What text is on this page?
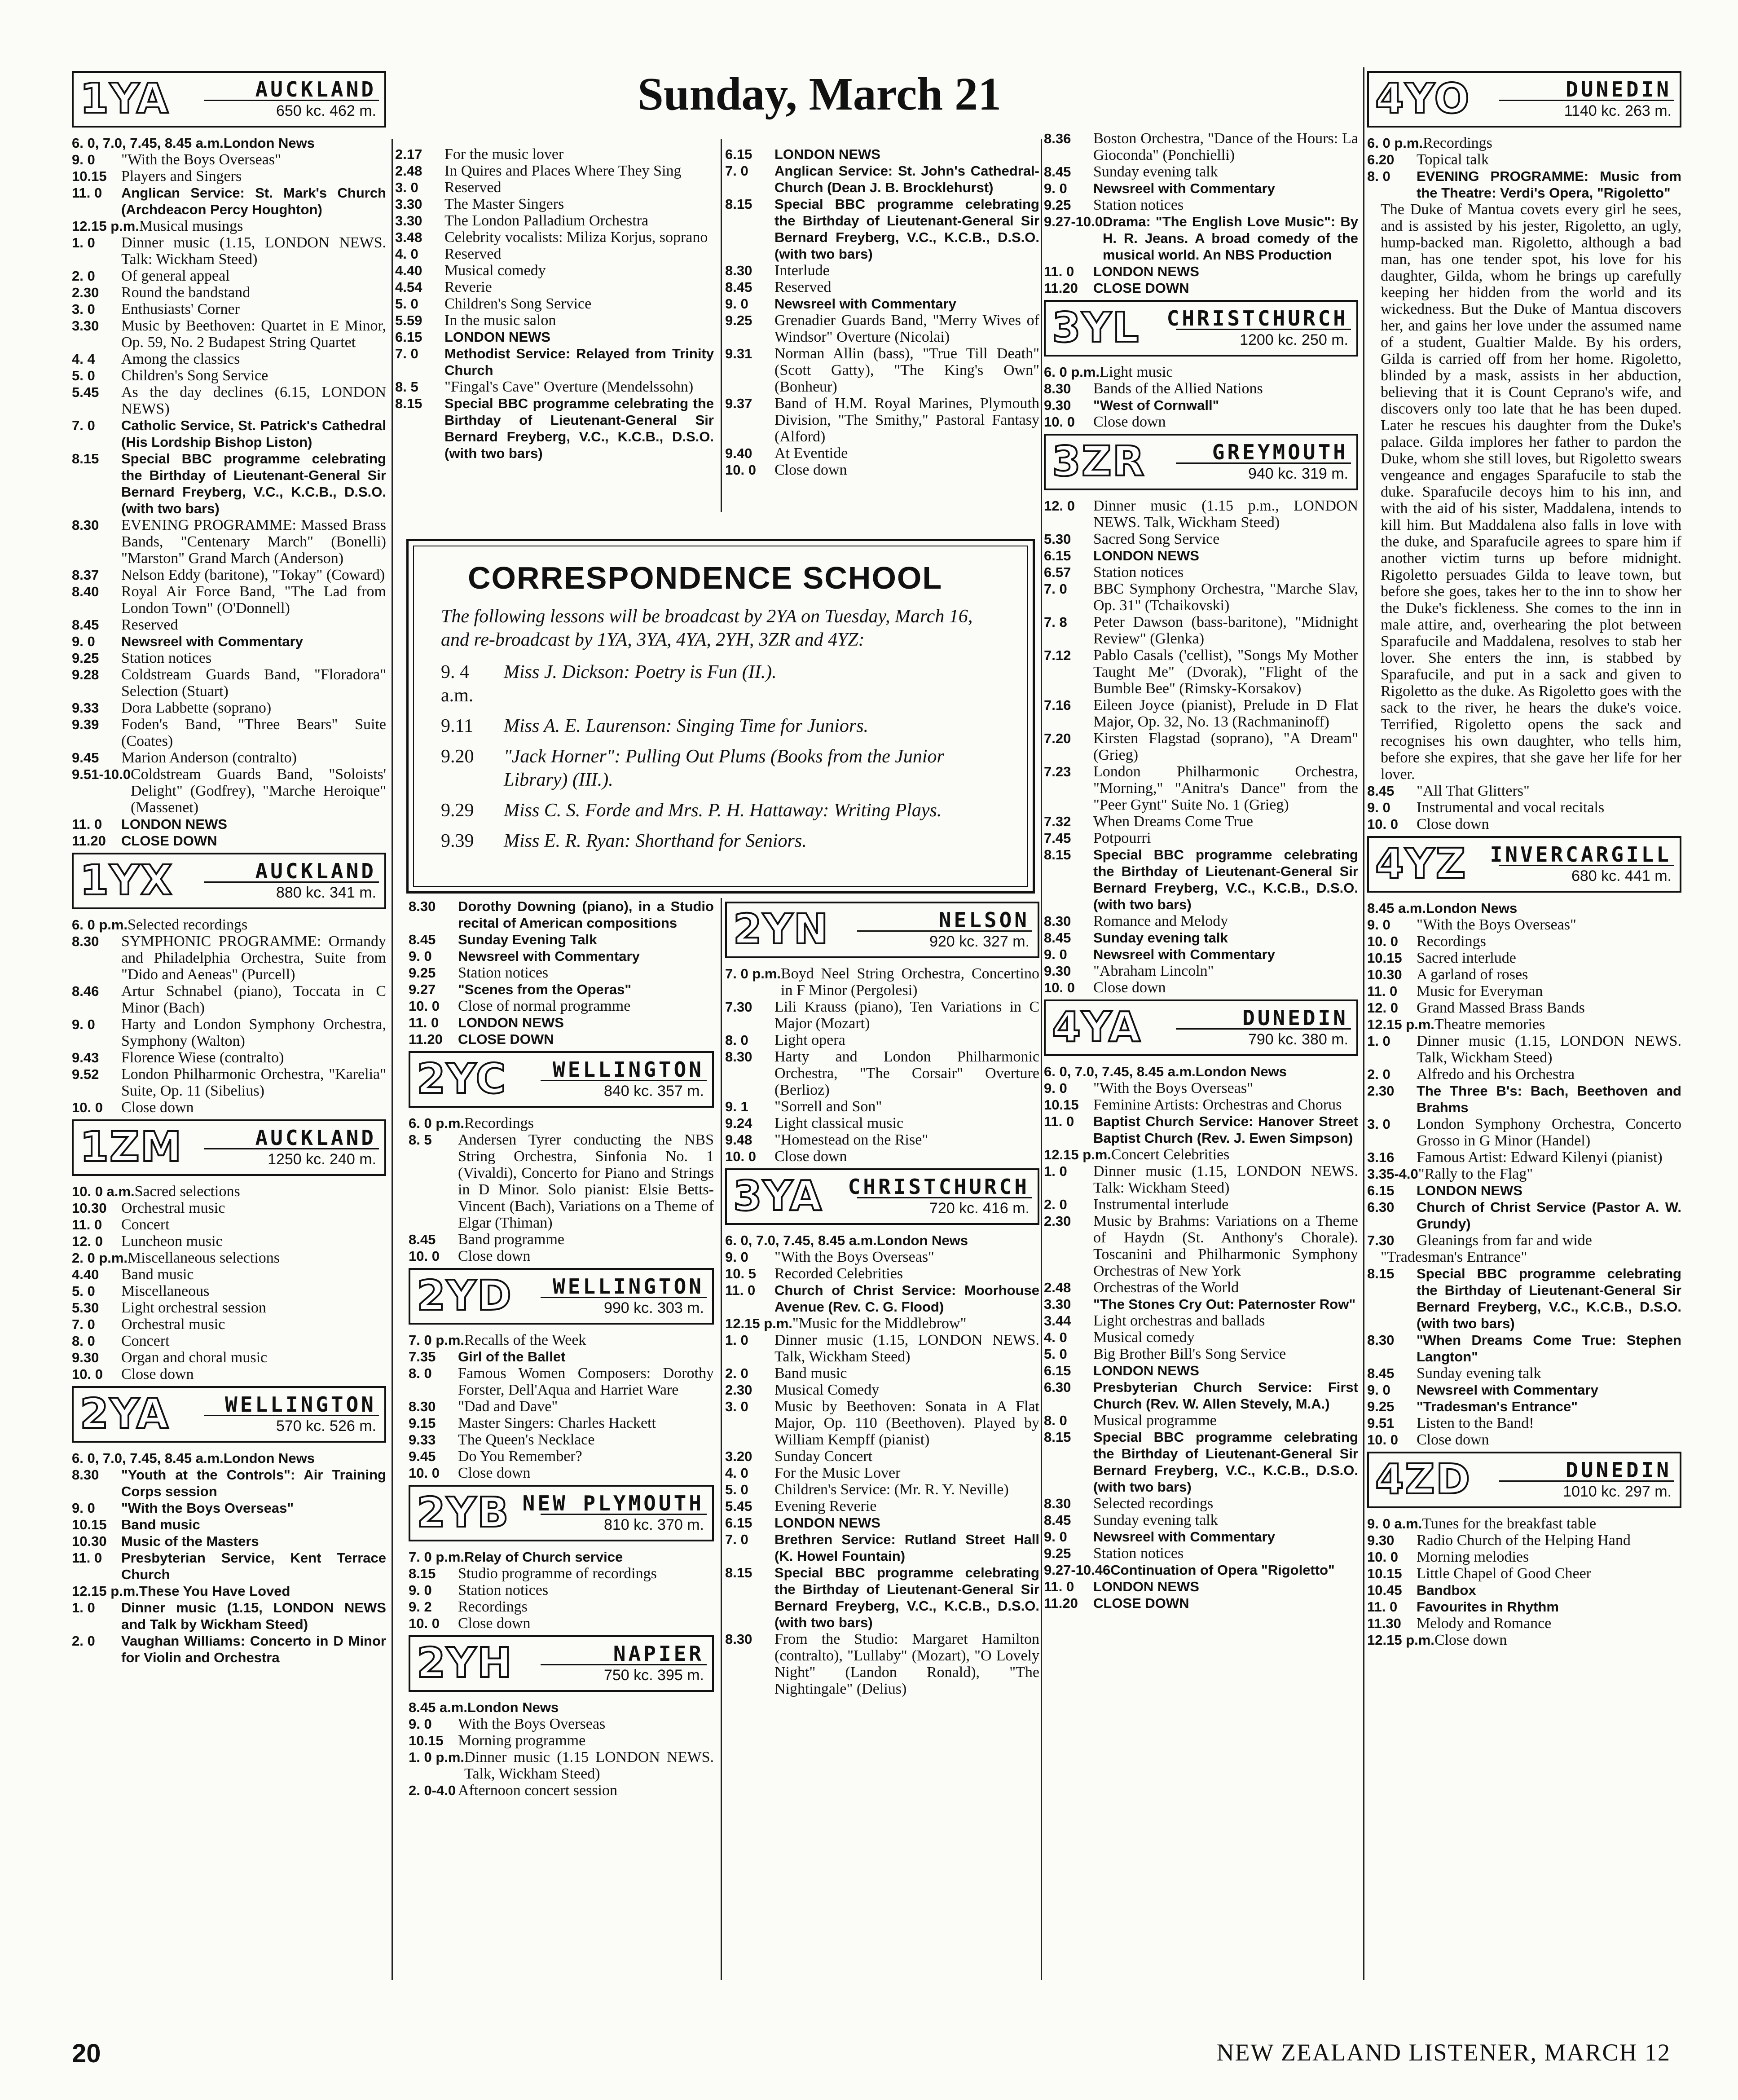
Sunday, March 21
1YA	AUCKLAND
650 kc. 462 m.
6. 0, 7.0, 7.45, 8.45 a.m. London News
9. 0	"With the Boys Overseas"
10.15 Players and Singers
11. 0	Anglican Service: St. Mark's Church (Archdeacon Percy Houghton)
12.15 p.m. Musical musings
1. 0	Dinner music (1.15, LONDON NEWS. Talk: Wickham Steed)
2. 0	Of general appeal
2.30	Round the bandstand
3. 0	Enthusiasts' Corner
3.30	Music by Beethoven: Quartet in E Minor, Op. 59, No. 2 Budapest String Quartet
4. 4	Among the classics
5. 0	Children's Song Service
5.45	As the day declines (6.15, LONDON NEWS)
7. 0	Catholic Service, St. Patrick's Cathedral (His Lordship Bishop Liston)
8.15	Special BBC programme celebrating the Birthday of Lieutenant-General Sir Bernard Freyberg, V.C., K.C.B., D.S.O. (with two bars)
8.30	EVENING PROGRAMME: Massed Brass Bands, "Centenary March" (Bonelli) "Marston" Grand March (Anderson)
8.37	Nelson Eddy (baritone), "Tokay" (Coward)
8.40	Royal Air Force Band, "The Lad from London Town" (O'Donnell)
8.45	Reserved
9. 0	Newsreel with Commentary
9.25	Station notices
9.28	Coldstream Guards Band, "Floradora" Selection (Stuart)
9.33	Dora Labbette (soprano)
9.39	Foden's Band, "Three Bears" Suite (Coates)
9.45	Marion Anderson (contralto)
9.51-10.0 Coldstream Guards Band, "Soloists' Delight" (Godfrey), "Marche Heroique" (Massenet)
11. 0	LONDON NEWS
11.20	CLOSE DOWN
1YX	AUCKLAND
880 kc. 341 m.
6. 0 p.m. Selected recordings
8.30	SYMPHONIC PROGRAMME: Ormandy and Philadelphia Orchestra, Suite from "Dido and Aeneas" (Purcell)
8.46	Artur Schnabel (piano), Toccata in C Minor (Bach)
9. 0	Harty and London Symphony Orchestra, Symphony (Walton)
9.43	Florence Wiese (contralto)
9.52	London Philharmonic Orchestra, "Karelia" Suite, Op. 11 (Sibelius)
10. 0	Close down
1ZM	AUCKLAND
1250 kc. 240 m.
10. 0 a.m. Sacred selections
10.30 Orchestral music
11. 0	Concert
12. 0	Luncheon music
2. 0 p.m. Miscellaneous selections
4.40	Band music
5. 0	Miscellaneous
5.30	Light orchestral session
7. 0	Orchestral music
8. 0	Concert
9.30	Organ and choral music
10. 0	Close down
2YA	WELLINGTON
570 kc. 526 m.
6. 0, 7.0, 7.45, 8.45 a.m. London News
8.30	"Youth at the Controls": Air Training Corps session
9. 0	"With the Boys Overseas"
10.15	Band music
10.30	Music of the Masters
11. 0	Presbyterian Service, Kent Terrace Church
12.15 p.m. These You Have Loved
1. 0	Dinner music (1.15, LONDON NEWS and Talk by Wickham Steed)
2. 0	Vaughan Williams: Concerto in D Minor for Violin and Orchestra
2.17	For the music lover
2.48	In Quires and Places Where They Sing
3. 0	Reserved
3.30	The Master Singers
3.30	The London Palladium Orchestra
3.48	Celebrity vocalists: Miliza Korjus, soprano
4. 0	Reserved
4.40	Musical comedy
4.54	Reverie
5. 0	Children's Song Service
5.59	In the music salon
6.15	LONDON NEWS
7. 0	Methodist Service: Relayed from Trinity Church
8. 5	"Fingal's Cave" Overture (Mendelssohn)
8.15	Special BBC programme celebrating the Birthday of Lieutenant-General Sir Bernard Freyberg, V.C., K.C.B., D.S.O. (with two bars)
6.15	LONDON NEWS
7. 0	Anglican Service: St. John's Cathedral-Church (Dean J. B. Brocklehurst)
8.15	Special BBC programme celebrating the Birthday of Lieutenant-General Sir Bernard Freyberg, V.C., K.C.B., D.S.O. (with two bars)
8.30	Interlude
8.45	Reserved
9. 0	Newsreel with Commentary
9.25	Grenadier Guards Band, "Merry Wives of Windsor" Overture (Nicolai)
9.31	Norman Allin (bass), "True Till Death" (Scott Gatty), "The King's Own" (Bonheur)
9.37	Band of H.M. Royal Marines, Plymouth Division, "The Smithy," Pastoral Fantasy (Alford)
9.40	At Eventide
10. 0	Close down
CORRESPONDENCE SCHOOL
The following lessons will be broadcast by 2YA on Tuesday, March 16, and re-broadcast by 1YA, 3YA, 4YA, 2YH, 3ZR and 4YZ:
9. 4 a.m.
Miss J. Dickson: Poetry is Fun (II.).
9.11	Miss A. E. Laurenson: Singing Time for Juniors.
9.20	"Jack Horner": Pulling Out Plums (Books from the Junior Library) (III.).
9.29	Miss C. S. Forde and Mrs. P. H. Hattaway: Writing Plays.
9.39	Miss E. R. Ryan: Shorthand for Seniors.
8.30	Dorothy Downing (piano), in a Studio recital of American compositions
8.45	Sunday Evening Talk
9. 0	Newsreel with Commentary
9.25	Station notices
9.27	"Scenes from the Operas"
10. 0	Close of normal programme
11. 0	LONDON NEWS
11.20	CLOSE DOWN
2YC WELLINGTON
840 kc. 357 m.
6. 0 p.m. Recordings
8. 5	Andersen Tyrer conducting the NBS String Orchestra, Sinfonia No. 1 (Vivaldi), Concerto for Piano and Strings in D Minor. Solo pianist: Elsie Betts-Vincent (Bach), Variations on a Theme of Elgar (Thiman)
8.45	Band programme
10. 0	Close down
2YD WELLINGTON
990 kc. 303 m.
7. 0 p.m. Recalls of the Week
7.35	Girl of the Ballet
8. 0	Famous Women Composers: Dorothy Forster, Dell'Aqua and Harriet Ware
8.30	"Dad and Dave"
9.15	Master Singers: Charles Hackett
9.33	The Queen's Necklace
9.45	Do You Remember?
10. 0	Close down
2YB NEW PLYMOUTH
810 kc. 370 m.
7. 0 p.m. Relay of Church service
8.15	Studio programme of recordings
9. 0	Station notices
9. 2	Recordings
10. 0	Close down
2YH	NAPIER
750 kc. 395 m.
8.45 a.m. London News
9. 0	With the Boys Overseas
10.15 Morning programme
1. 0 p.m. Dinner music (1.15 LONDON NEWS. Talk, Wickham Steed)
2. 0-4.0 Afternoon concert session
2YN	NELSON
920 kc. 327 m.
7. 0 p.m. Boyd Neel String Orchestra, Concertino in F Minor (Pergolesi)
7.30	Lili Krauss (piano), Ten Variations in C Major (Mozart)
8. 0	Light opera
8.30	Harty and London Philharmonic Orchestra, "The Corsair" Overture (Berlioz)
9. 1	"Sorrell and Son"
9.24	Light classical music
9.48	"Homestead on the Rise"
10. 0	Close down
3YA CHRISTCHURCH
720 kc. 416 m.
6. 0, 7.0, 7.45, 8.45 a.m. London News
9. 0	"With the Boys Overseas"
10. 5	Recorded Celebrities
11. 0	Church of Christ Service: Moorhouse Avenue (Rev. C. G. Flood)
12.15 p.m. "Music for the Middlebrow"
1. 0	Dinner music (1.15, LONDON NEWS. Talk, Wickham Steed)
2. 0	Band music
2.30	Musical Comedy
3. 0	Music by Beethoven: Sonata in A Flat Major, Op. 110 (Beethoven). Played by William Kempff (pianist)
3.20	Sunday Concert
4. 0	For the Music Lover
5. 0	Children's Service: (Mr. R. Y. Neville)
5.45	Evening Reverie
6.15	LONDON NEWS
7. 0	Brethren Service: Rutland Street Hall (K. Howel Fountain)
8.15	Special BBC programme celebrating the Birthday of Lieutenant-General Sir Bernard Freyberg, V.C., K.C.B., D.S.O. (with two bars)
8.30	From the Studio: Margaret Hamilton (contralto), "Lullaby" (Mozart), "O Lovely Night" (Landon Ronald), "The Nightingale" (Delius)
8.36	Boston Orchestra, "Dance of the Hours: La Gioconda" (Ponchielli)
8.45	Sunday evening talk
9. 0	Newsreel with Commentary
9.25	Station notices
9.27-10.0 Drama: "The English Love Music": By H. R. Jeans. A broad comedy of the musical world. An NBS Production
11. 0	LONDON NEWS
11.20	CLOSE DOWN
3YL CHRISTCHURCH
1200 kc. 250 m.
6. 0 p.m. Light music
8.30	Bands of the Allied Nations
9.30	"West of Cornwall"
10. 0	Close down
3ZR	GREYMOUTH
940 kc. 319 m.
12. 0	Dinner music (1.15 p.m., LONDON NEWS. Talk, Wickham Steed)
5.30	Sacred Song Service
6.15	LONDON NEWS
6.57	Station notices
7. 0	BBC Symphony Orchestra, "Marche Slav, Op. 31" (Tchaikovski)
7. 8	Peter Dawson (bass-baritone), "Midnight Review" (Glenka)
7.12	Pablo Casals ('cellist), "Songs My Mother Taught Me" (Dvorak), "Flight of the Bumble Bee" (Rimsky-Korsakov)
7.16	Eileen Joyce (pianist), Prelude in D Flat Major, Op. 32, No. 13 (Rachmaninoff)
7.20	Kirsten Flagstad (soprano), "A Dream" (Grieg)
7.23	London Philharmonic Orchestra, "Morning," "Anitra's Dance" from the "Peer Gynt" Suite No. 1 (Grieg)
7.32	When Dreams Come True
7.45	Potpourri
8.15	Special BBC programme celebrating the Birthday of Lieutenant-General Sir Bernard Freyberg, V.C., K.C.B., D.S.O. (with two bars)
8.30	Romance and Melody
8.45	Sunday evening talk
9. 0	Newsreel with Commentary
9.30	"Abraham Lincoln"
10. 0	Close down
4YA	DUNEDIN
790 kc. 380 m.
6. 0, 7.0, 7.45, 8.45 a.m. London News
9. 0	"With the Boys Overseas"
10.15 Feminine Artists: Orchestras and Chorus
11. 0	Baptist Church Service: Hanover Street Baptist Church (Rev. J. Ewen Simpson)
12.15 p.m. Concert Celebrities
1. 0	Dinner music (1.15, LONDON NEWS. Talk: Wickham Steed)
2. 0	Instrumental interlude
2.30	Music by Brahms: Variations on a Theme of Haydn (St. Anthony's Chorale). Toscanini and Philharmonic Symphony Orchestras of New York
2.48	Orchestras of the World
3.30	"The Stones Cry Out: Paternoster Row"
3.44	Light orchestras and ballads
4. 0	Musical comedy
5. 0	Big Brother Bill's Song Service
6.15	LONDON NEWS
6.30	Presbyterian Church Service: First Church (Rev. W. Allen Stevely, M.A.)
8. 0	Musical programme
8.15	Special BBC programme celebrating the Birthday of Lieutenant-General Sir Bernard Freyberg, V.C., K.C.B., D.S.O. (with two bars)
8.30	Selected recordings
8.45	Sunday evening talk
9. 0	Newsreel with Commentary
9.25	Station notices
9.27-10.46 Continuation of Opera "Rigoletto"
11. 0	LONDON NEWS
11.20	CLOSE DOWN
4YO	DUNEDIN
1140 kc. 263 m.
6. 0 p.m. Recordings
6.20	Topical talk
8. 0	EVENING PROGRAMME: Music from the Theatre: Verdi's Opera, "Rigoletto"
The Duke of Mantua covets every girl he sees, and is assisted by his jester, Rigoletto, an ugly, hump-backed man. Rigoletto, although a bad man, has one tender spot, his love for his daughter, Gilda, whom he brings up carefully keeping her hidden from the world and its wickedness. But the Duke of Mantua discovers her, and gains her love under the assumed name of a student, Gualtier Malde. By his orders, Gilda is carried off from her home. Rigoletto, blinded by a mask, assists in her abduction, believing that it is Count Ceprano's wife, and discovers only too late that he has been duped. Later he rescues his daughter from the Duke's palace. Gilda implores her father to pardon the Duke, whom she still loves, but Rigoletto swears vengeance and engages Sparafucile to stab the duke. Sparafucile decoys him to his inn, and with the aid of his sister, Maddalena, intends to kill him. But Maddalena also falls in love with the duke, and Sparafucile agrees to spare him if another victim turns up before midnight. Rigoletto persuades Gilda to leave town, but before she goes, takes her to the inn to show her the Duke's fickleness. She comes to the inn in male attire, and, overhearing the plot between Sparafucile and Maddalena, resolves to stab her lover. She enters the inn, is stabbed by Sparafucile, and put in a sack and given to Rigoletto as the duke. As Rigoletto goes with the sack to the river, he hears the duke's voice. Terrified, Rigoletto opens the sack and recognises his own daughter, who tells him, before she expires, that she gave her life for her lover.
8.45	"All That Glitters"
9. 0	Instrumental and vocal recitals
10. 0	Close down
4YZ INVERCARGILL
680 kc. 441 m.
8.45 a.m. London News
9. 0	"With the Boys Overseas"
10. 0	Recordings
10.15 Sacred interlude
10.30 A garland of roses
11. 0	Music for Everyman
12. 0	Grand Massed Brass Bands
12.15 p.m. Theatre memories
1. 0	Dinner music (1.15, LONDON NEWS. Talk, Wickham Steed)
2. 0	Alfredo and his Orchestra
2.30	The Three B's: Bach, Beethoven and Brahms
3. 0	London Symphony Orchestra, Concerto Grosso in G Minor (Handel)
3.16	Famous Artist: Edward Kilenyi (pianist)
3.35-4.0 "Rally to the Flag"
6.15	LONDON NEWS
6.30	Church of Christ Service (Pastor A. W. Grundy)
7.30	Gleanings from far and wide
"Tradesman's Entrance"
8.15	Special BBC programme celebrating the Birthday of Lieutenant-General Sir Bernard Freyberg, V.C., K.C.B., D.S.O. (with two bars)
8.30	"When Dreams Come True: Stephen Langton"
8.45	Sunday evening talk
9. 0	Newsreel with Commentary
9.25	"Tradesman's Entrance"
9.51	Listen to the Band!
10. 0	Close down
4ZD	DUNEDIN
1010 kc. 297 m.
9. 0 a.m. Tunes for the breakfast table
9.30	Radio Church of the Helping Hand
10. 0	Morning melodies
10.15 Little Chapel of Good Cheer
10.45	Bandbox
11. 0	Favourites in Rhythm
11.30	Melody and Romance
12.15 p.m. Close down
20	NEW ZEALAND LISTENER, MARCH 12
